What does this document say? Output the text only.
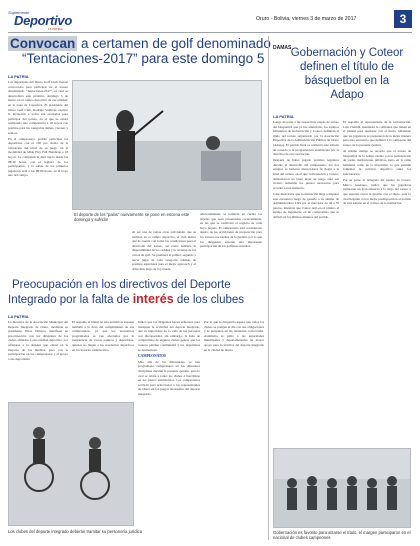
Suplemento
Deportivo
LA PATRIA
Oruro - Bolivia, viernes 3 de marzo de 2017	3
Convocan a certamen de golf denominado
“Tentaciones-2017” para este domingo 5
LA PATRIA

Los deportistas del Oruro Golf Club, fueron convocados para participar en el torneo denominado “Tentaciones-2017”, el cual se desarrollará este próximo domingo 5 de marzo en el campo deportivo de ese entidad, en la zona de Capacirca. El presidente del Oruro Golf Club, Rodrigo Valdivia, explicó la invitación a todos sus asociados para participar del torneo, en el que se estará realizando una competencia a 18 hoyos con premios para las categorías damas, varones y seniors.

En el campeonato, podrán participar los deportistas con el 100 por ciento de la valoración del nivel de su juego, en la modalidad de Mide Play Full Handicap a 18 hoyos. La competencia dará inicio desde las 08:30 horas, con el registro de los participantes, y la salida de los primeros jugadores será a las 09:00 horas, en el hoyo uno del campo.

El deporte de los “palos” nuevamente se pone en escena este domingo y sufrido!

Al ser una de tantas otras actividades que se realizan en el campo deportivo, el club indicó que se cuenta con todas las condiciones para el desarrollo del torneo, así como también la disponibilidad de los caddies y la revisión de los carros de golf. Se premiará al primer, segundo y tercer lugar de cada categoría, además de premios especiales para el mejor approach y el drive más largo de la jornada.

adicionalmente, se tomarán en cuenta las tarjetas que sean presentadas correctamente, en las que se verificará el registro de cada hoyo jugado. El campeonato está considerado dentro de las actividades de preparación para los torneos nacionales de la gestión, por lo que los dirigentes esperan una importante participación de los golfistas orureños.

Preocupación en los directivos del Deporte
Integrado por la falta de interés de los clubes
LA PATRIA

La directiva de la Asociación Municipal del Deporte Integrado de Oruro, mediante su presidente, Elías Vallejos, manifestó su preocupación, con los dirigentes de los clubes afiliados a esta entidad deportiva, por reflejarse a la dejadez que existe en la mayoría de los mismos, para con la participación en los campeonatos y el apoyo a sus deportistas.

El respaldo al titular de esta entidad se expresa también a la hora del cumplimiento de sus compromisos, ya que los encuentros programados se ven afectados por la inasistencia de varios equipos y deportistas, quienes no llegan a los escenarios deportivos en los horarios establecidos.

Indicó que los dirigentes hacen esfuerzos para mantener la actividad del deporte integrado, que es importante en la vida de las personas con discapacidad, sin embargo, la falta de compromiso de algunos clubes genera que los torneos pierdan continuidad y los deportistas se desmotiven.

CAMPEONATOS

Más allá de las dificultades, se han programado campeonatos en las diferentes disciplinas durante la presente gestión, para lo cual se invita a todos los clubes a inscribirse en los plazos establecidos. Los campeonatos servirán para seleccionar a los representantes de Oruro en los juegos nacionales del deporte integrado.

Por lo que la dirigencia espera que todos los clubes se pongan al día con sus obligaciones y se presenten en las reuniones convocadas. Asimismo se pidió a las autoridades municipales y departamentales un mayor apoyo para la práctica del deporte integrado en la ciudad de Oruro.

Los clubes del deporte integrado deberán tramitar su personería jurídica
DAMAS Gobernación y Coteor definen el título de básquetbol en la Adapo
LA PATRIA

Luego de pasar a las respectivas etapas de torneo del básquetbol que ya fue anunciado, los equipos femeninos de Gobernación y Coteor, definirán el título del torneo organizado por la Asociación Deportiva de la Administración Pública de Oruro (Adapo). El partido final se realizará este sábado de acuerdo a la programación establecida por la directiva de esta asociación.

Después de haber jugado partidos regulares durante el desarrollo del campeonato, los dos equipos se hicieron merecedores de llegar a la final del torneo, en el que Gobernación y Coteor, demostraron un buen nivel de juego ante sus rivales, sumando los puntos necesarios para acceder a esta instancia.

Cabe mencionar que Gobernación llega a disputar este encuentro luego de ganarle a su similar de Administradora CNS por el marcador de 44 a 35 puntos, mientras que Coteor dejó en el camino al equipo de Ingeniería, en un compromiso que se definió en los últimos minutos del partido.

El respaldo al representante de la Gobernación, Luis Chambi, manifestó la confianza que tienen en el plantel para quedarse con el título, señalando que las jugadoras se prepararon de la mejor manera para este encuentro que definirá a la campeona del torneo de la presente gestión.

Al mismo tiempo se recordó que el torneo de básquetbol de la Adapo cuenta con la participación de varias instituciones públicas, tanto en la rama femenina como en la masculina, lo que permite fomentar la práctica deportiva entre los funcionarios.

Por su parte, el delegado del equipo de Coteor, Marco Guerrero, indicó que las jugadoras realizaron un gran esfuerzo a lo largo del torneo y que esperan cerrar la gestión con el título, para lo cual llegarán con la mejor predisposición al partido de este sábado en el coliseo de la institución.

Gobernación es favorito para alzarse el título, el margen participaron en el nacional de clubes campeones
